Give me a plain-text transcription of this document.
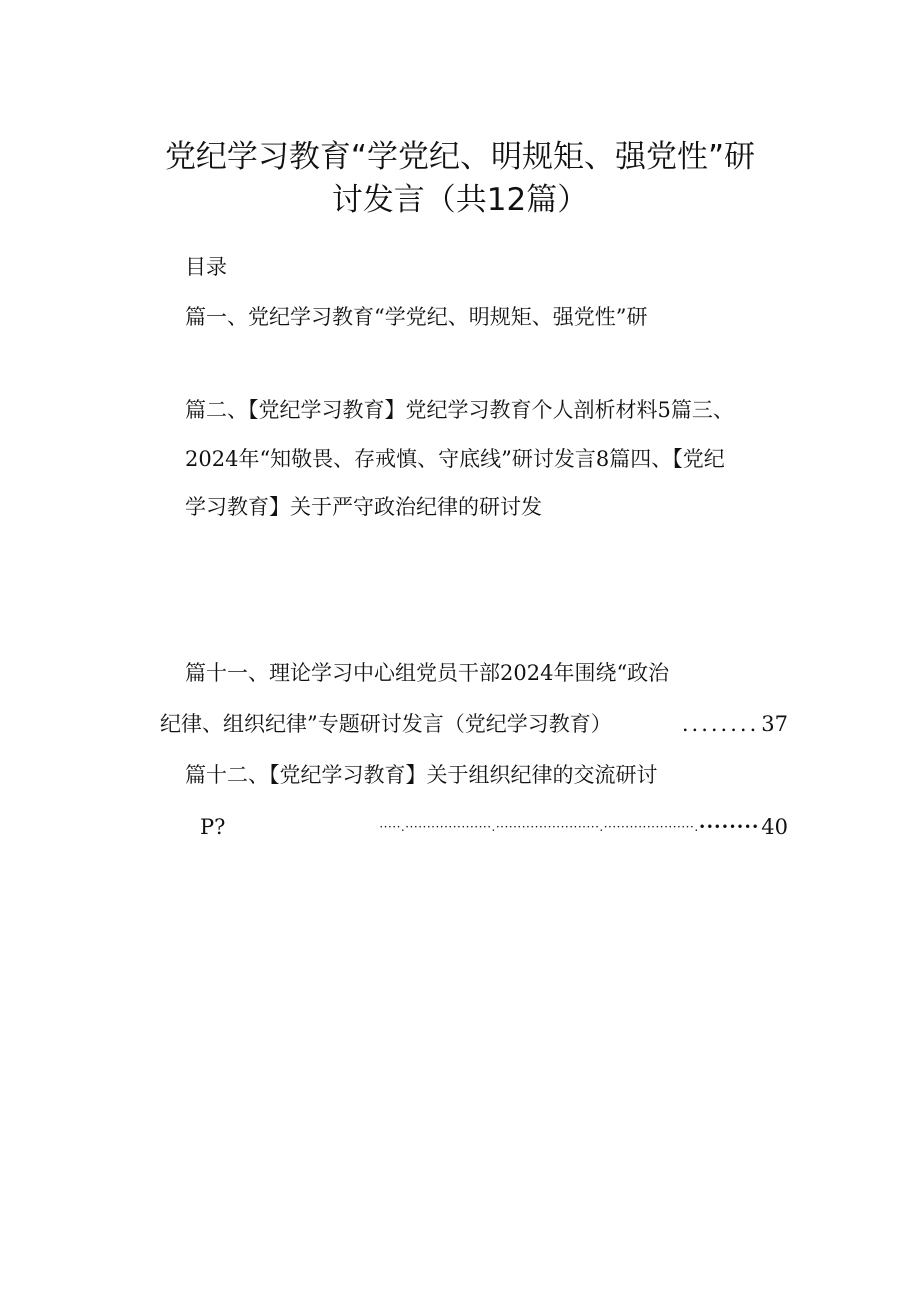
党纪学习教育“学党纪、明规矩、强党性”研
讨发言（共12篇）

目录

篇一、党纪学习教育“学党纪、明规矩、强党性”研

篇二、【党纪学习教育】党纪学习教育个人剖析材料5篇三、

2024年“知敬畏、存戒慎、守底线”研讨发言8篇四、【党纪

学习教育】关于严守政治纪律的研讨发

篇十一、理论学习中心组党员干部2024年围绕“政治

纪律、组织纪律”专题研讨发言（党纪学习教育）	........ 37

篇十二、【党纪学习教育】关于组织纪律的交流研讨

P?	·····.····················.························.·····················.•••••••• 40
